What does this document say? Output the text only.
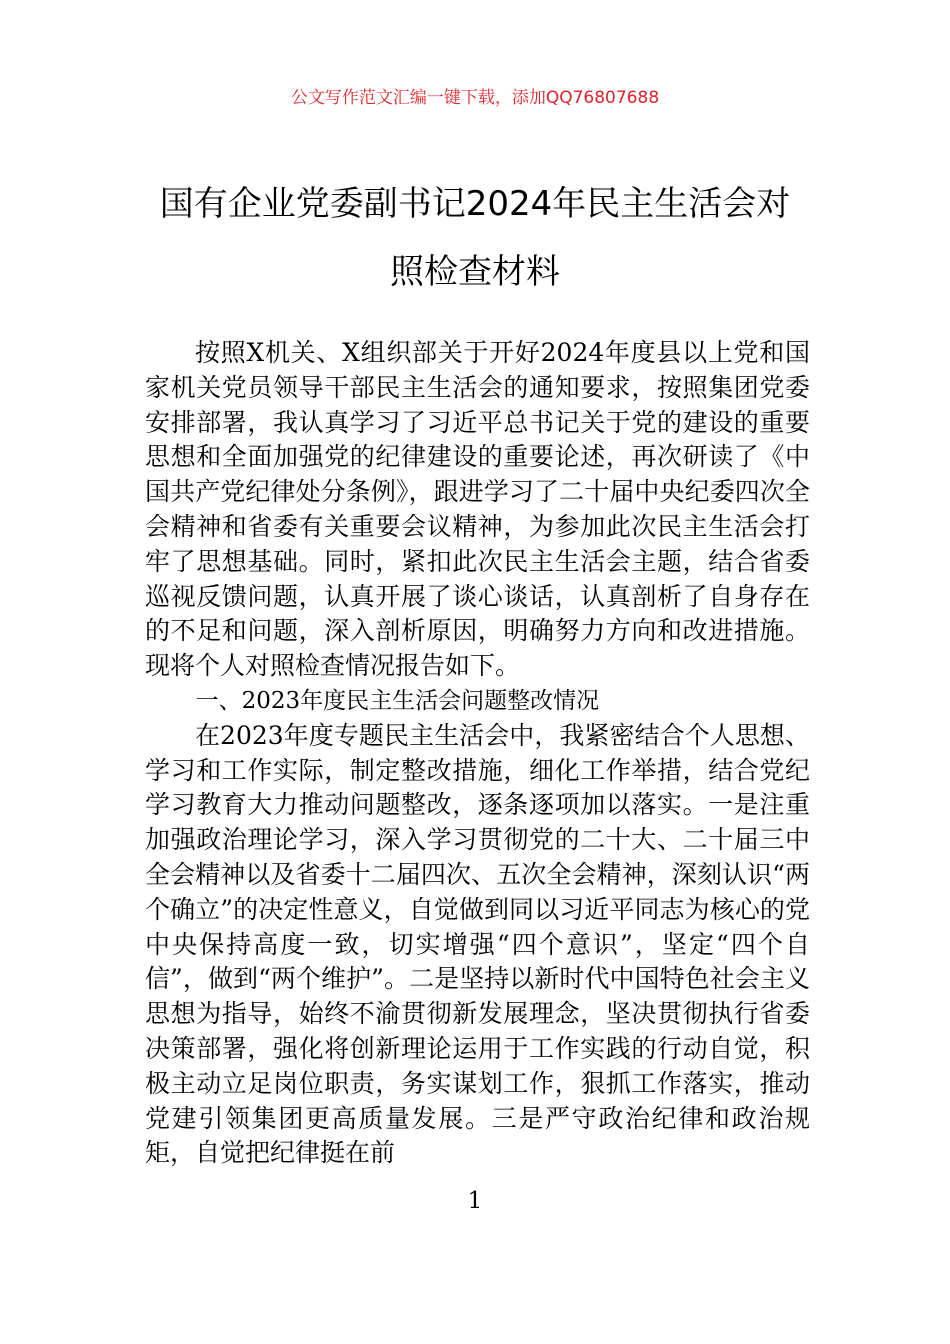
公文写作范文汇编一键下载，添加QQ76807688
国有企业党委副书记2024年民主生活会对
照检查材料

按照X机关、X组织部关于开好2024年度县以上党和国家机关党员领导干部民主生活会的通知要求，按照集团党委安排部署，我认真学习了习近平总书记关于党的建设的重要思想和全面加强党的纪律建设的重要论述，再次研读了《中国共产党纪律处分条例》，跟进学习了二十届中央纪委四次全会精神和省委有关重要会议精神，为参加此次民主生活会打牢了思想基础。同时，紧扣此次民主生活会主题，结合省委巡视反馈问题，认真开展了谈心谈话，认真剖析了自身存在的不足和问题，深入剖析原因，明确努力方向和改进措施。现将个人对照检查情况报告如下。

一、2023年度民主生活会问题整改情况

在2023年度专题民主生活会中，我紧密结合个人思想、学习和工作实际，制定整改措施，细化工作举措，结合党纪学习教育大力推动问题整改，逐条逐项加以落实。一是注重加强政治理论学习，深入学习贯彻党的二十大、二十届三中全会精神以及省委十二届四次、五次全会精神，深刻认识“两个确立”的决定性意义，自觉做到同以习近平同志为核心的党中央保持高度一致，切实增强“四个意识”，坚定“四个自信”，做到“两个维护”。二是坚持以新时代中国特色社会主义思想为指导，始终不渝贯彻新发展理念，坚决贯彻执行省委决策部署，强化将创新理论运用于工作实践的行动自觉，积极主动立足岗位职责，务实谋划工作，狠抓工作落实，推动党建引领集团更高质量发展。三是严守政治纪律和政治规矩，自觉把纪律挺在前

1
